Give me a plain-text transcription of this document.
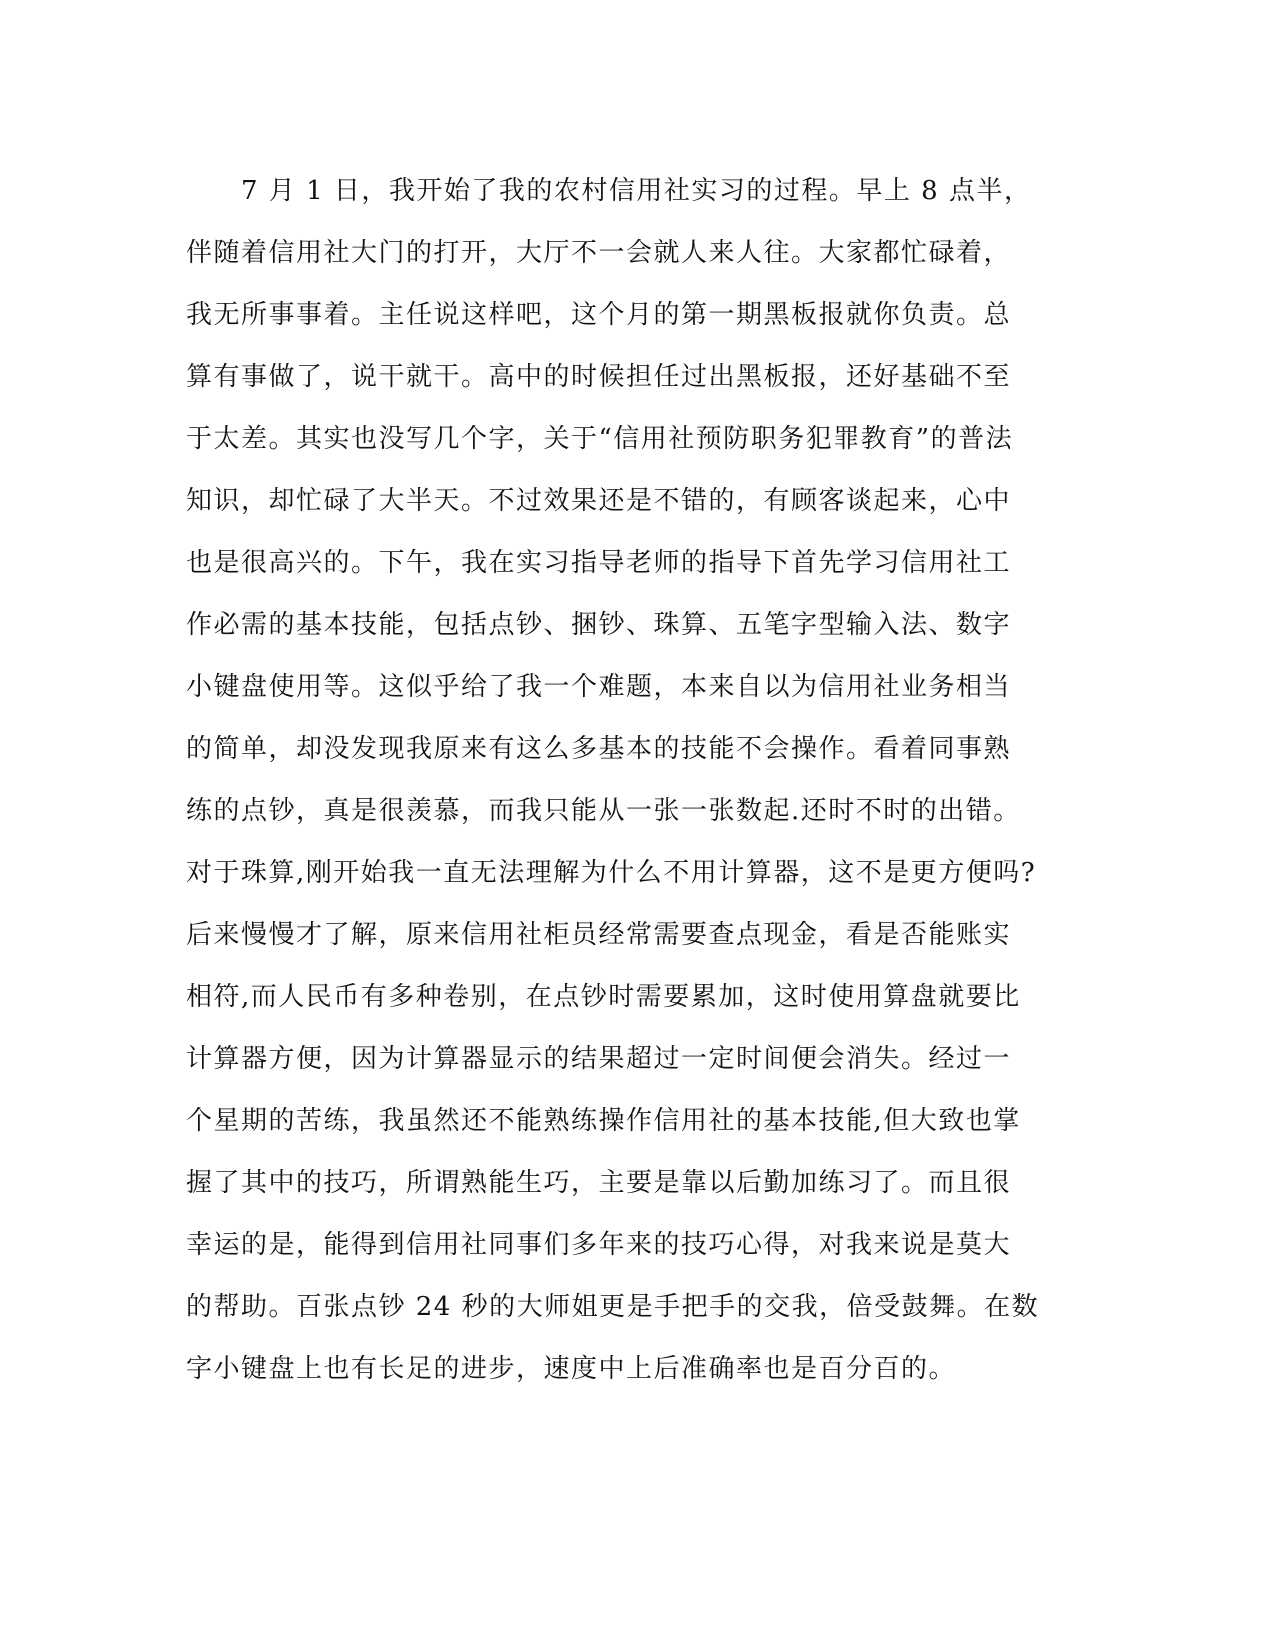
　　7 月 1 日，我开始了我的农村信用社实习的过程。早上 8 点半，
伴随着信用社大门的打开，大厅不一会就人来人往。大家都忙碌着，
我无所事事着。主任说这样吧，这个月的第一期黑板报就你负责。总
算有事做了，说干就干。高中的时候担任过出黑板报，还好基础不至
于太差。其实也没写几个字，关于“信用社预防职务犯罪教育”的普法
知识，却忙碌了大半天。不过效果还是不错的，有顾客谈起来，心中
也是很高兴的。下午，我在实习指导老师的指导下首先学习信用社工
作必需的基本技能，包括点钞、捆钞、珠算、五笔字型输入法、数字
小键盘使用等。这似乎给了我一个难题，本来自以为信用社业务相当
的简单，却没发现我原来有这么多基本的技能不会操作。看着同事熟
练的点钞，真是很羡慕，而我只能从一张一张数起.还时不时的出错。
对于珠算,刚开始我一直无法理解为什么不用计算器，这不是更方便吗?
后来慢慢才了解，原来信用社柜员经常需要查点现金，看是否能账实
相符,而人民币有多种卷别，在点钞时需要累加，这时使用算盘就要比
计算器方便，因为计算器显示的结果超过一定时间便会消失。经过一
个星期的苦练，我虽然还不能熟练操作信用社的基本技能,但大致也掌
握了其中的技巧，所谓熟能生巧，主要是靠以后勤加练习了。而且很
幸运的是，能得到信用社同事们多年来的技巧心得，对我来说是莫大
的帮助。百张点钞 24 秒的大师姐更是手把手的交我，倍受鼓舞。在数
字小键盘上也有长足的进步，速度中上后准确率也是百分百的。
